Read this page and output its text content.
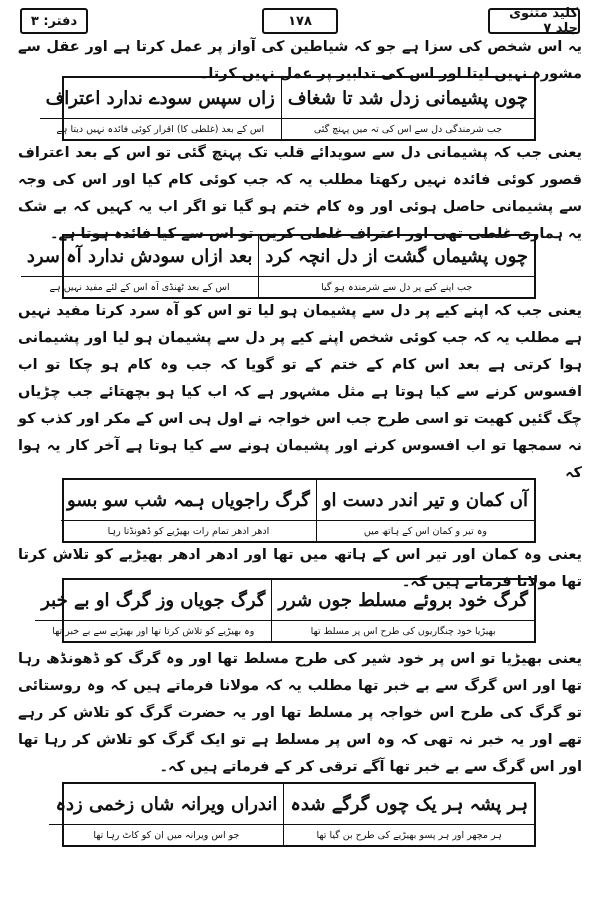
کلید مثنوی جلد ۷
۱۷۸
دفتر: ۳

یہ اس شخص کی سزا ہے جو کہ شیاطین کی آواز پر عمل کرتا ہے اور عقل سے مشورہ نہیں لیتا اور اس کی تدابیر پر عمل نہیں کرتا۔

چوں پشیمانی زدل شد تا شغاف
زاں سپس سودے ندارد اعتراف
جب شرمندگی دل سے اس کی تہ میں پہنچ گئی
اس کے بعد (غلطی کا) اقرار کوئی فائدہ نہیں دیتا ہے

یعنی جب کہ پشیمانی دل سے سویدائے قلب تک پہنچ گئی تو اس کے بعد اعتراف قصور کوئی فائدہ نہیں رکھتا مطلب یہ کہ جب کوئی کام کیا اور اس کی وجہ سے پشیمانی حاصل ہوئی اور وہ کام ختم ہو گیا تو اگر اب یہ کہیں کہ بے شک یہ ہماری غلطی تھی اور اعتراف غلطی کریں تو اس سے کیا فائدہ ہوتا ہے۔

چوں پشیماں گشت از دل انچہ کرد
بعد ازاں سودش ندارد آہ سرد
جب اپنے کیے پر دل سے شرمندہ ہو گیا
اس کے بعد ٹھنڈی آہ اس کے لئے مفید نہیں ہے

یعنی جب کہ اپنے کیے پر دل سے پشیمان ہو لیا تو اس کو آہ سرد کرنا مفید نہیں ہے مطلب یہ کہ جب کوئی شخص اپنے کیے پر دل سے پشیمان ہو لیا اور پشیمانی ہوا کرتی ہے بعد اس کام کے ختم کے تو گویا کہ جب وہ کام ہو چکا تو اب افسوس کرنے سے کیا ہوتا ہے مثل مشہور ہے کہ اب کیا ہو بچھتائے جب چڑیاں چگ گئیں کھیت تو اسی طرح جب اس خواجہ نے اول ہی اس کے مکر اور کذب کو نہ سمجھا تو اب افسوس کرنے اور پشیمان ہونے سے کیا ہوتا ہے آخر کار یہ ہوا کہ

آں کمان و تیر اندر دست او
گرگ راجویاں ہمہ شب سو بسو
وہ تیر و کمان اس کے ہاتھ میں
ادھر ادھر تمام رات بھیڑیے کو ڈھونڈتا رہا

یعنی وہ کمان اور تیر اس کے ہاتھ میں تھا اور ادھر ادھر بھیڑیے کو تلاش کرتا تھا مولانا فرماتے ہیں کہ۔

گرگ خود بروئے مسلط جوں شرر
گرگ جویاں وز گرگ او بے خبر
بھیڑیا خود چنگاریوں کی طرح اس پر مسلط تھا
وہ بھیڑیے کو تلاش کرتا تھا اور بھیڑیے سے بے خبر تھا

یعنی بھیڑیا تو اس پر خود شیر کی طرح مسلط تھا اور وہ گرگ کو ڈھونڈھ رہا تھا اور اس گرگ سے بے خبر تھا مطلب یہ کہ مولانا فرماتے ہیں کہ وہ روستائی تو گرگ کی طرح اس خواجہ پر مسلط تھا اور یہ حضرت گرگ کو تلاش کر رہے تھے اور یہ خبر نہ تھی کہ وہ اس پر مسلط ہے تو ایک گرگ کو تلاش کر رہا تھا اور اس گرگ سے بے خبر تھا آگے ترقی کر کے فرماتے ہیں کہ۔

ہر پشہ ہر یک چوں گرگے شدہ
اندراں ویرانہ شاں زخمی زدہ
ہر مچھر اور ہر پسو بھیڑیے کی طرح بن گیا تھا
جو اس ویرانہ میں ان کو کاٹ رہا تھا
